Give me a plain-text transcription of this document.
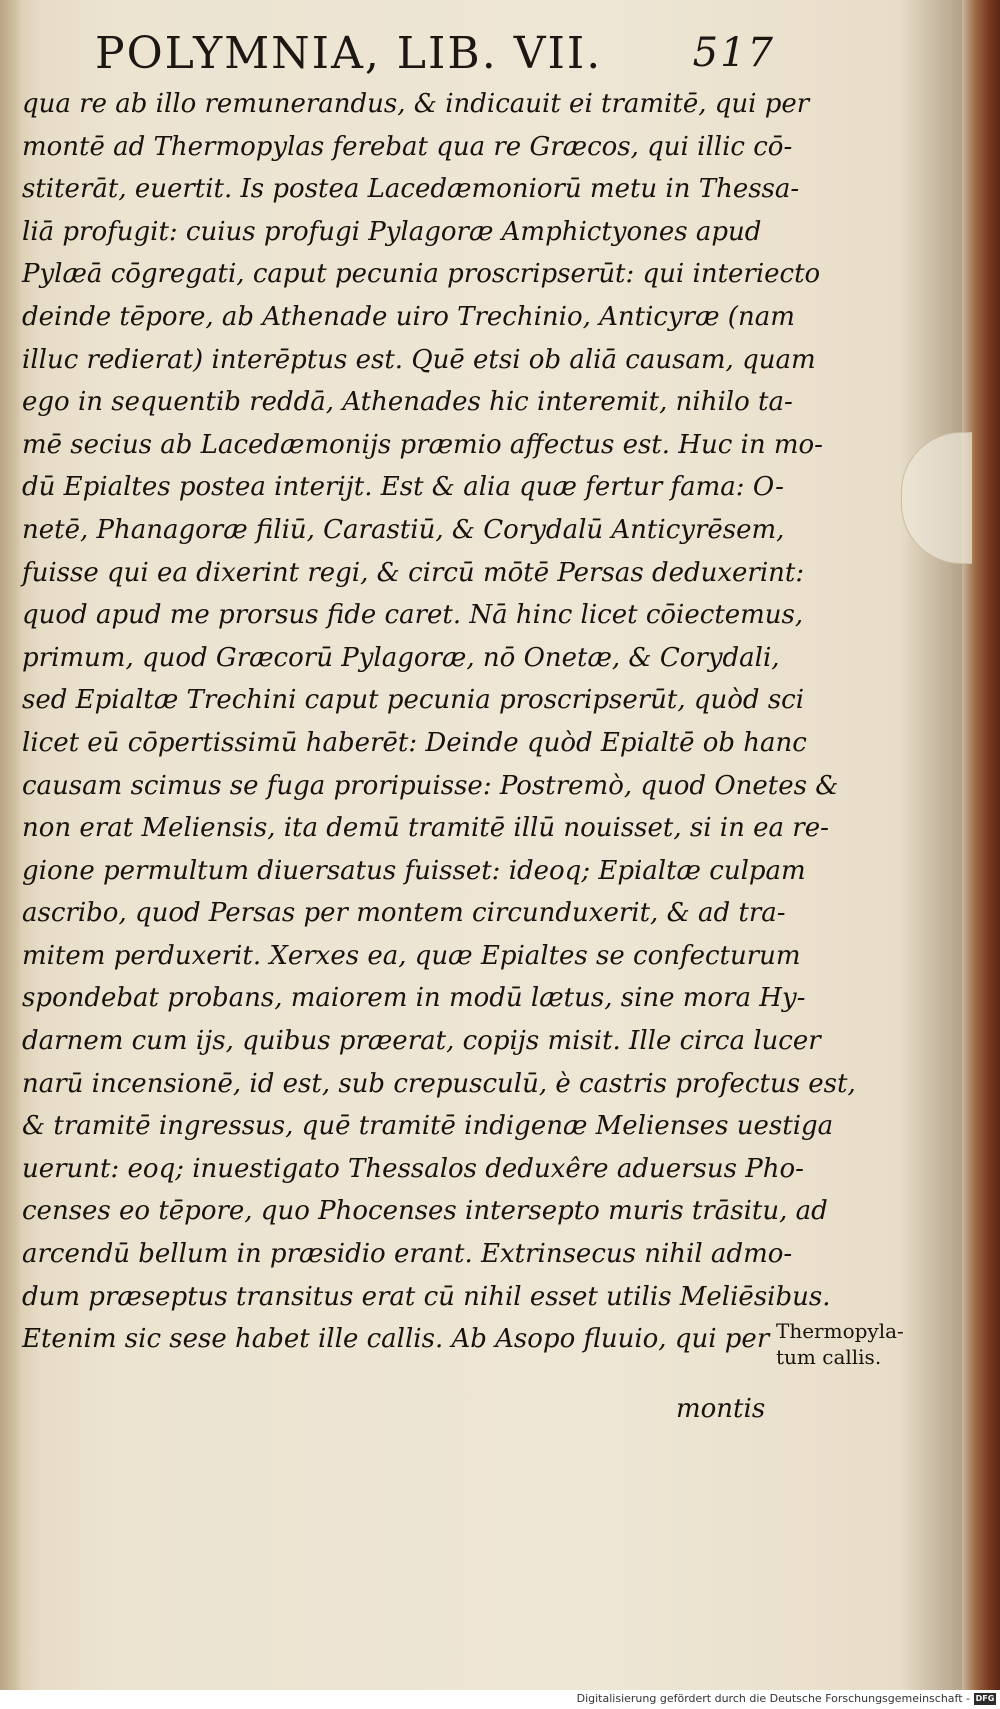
POLYMNIA, LIB. VII. 517
qua re ab illo remunerandus, & indicauit ei tramitē, qui per
montē ad Thermopylas ferebat qua re Græcos, qui illic cō-
stiterāt, euertit. Is postea Lacedæmoniorū metu in Thessa-
liā profugit: cuius profugi Pylagoræ Amphictyones apud
Pylæā cōgregati, caput pecunia proscripserūt: qui interiecto
deinde tēpore, ab Athenade uiro Trechinio, Anticyræ (nam
illuc redierat) interēptus est. Quē etsi ob aliā causam, quam
ego in sequentib reddā, Athenades hic interemit, nihilo ta-
mē secius ab Lacedæmonijs præmio affectus est. Huc in mo-
dū Epialtes postea interijt. Est & alia quæ fertur fama: O-
netē, Phanagoræ filiū, Carastiū, & Corydalū Anticyrēsem,
fuisse qui ea dixerint regi, & circū mōtē Persas deduxerint:
quod apud me prorsus fide caret. Nā hinc licet cōiectemus,
primum, quod Græcorū Pylagoræ, nō Onetæ, & Corydali,
sed Epialtæ Trechini caput pecunia proscripserūt, quòd sci
licet eū cōpertissimū haberēt: Deinde quòd Epialtē ob hanc
causam scimus se fuga proripuisse: Postremò, quod Onetes &
non erat Meliensis, ita demū tramitē illū nouisset, si in ea re-
gione permultum diuersatus fuisset: ideoq; Epialtæ culpam
ascribo, quod Persas per montem circunduxerit, & ad tra-
mitem perduxerit. Xerxes ea, quæ Epialtes se confecturum
spondebat probans, maiorem in modū lætus, sine mora Hy-
darnem cum ijs, quibus præerat, copijs misit. Ille circa lucer
narū incensionē, id est, sub crepusculū, è castris profectus est,
& tramitē ingressus, quē tramitē indigenæ Melienses uestiga
uerunt: eoq; inuestigato Thessalos deduxêre aduersus Pho-
censes eo tēpore, quo Phocenses intersepto muris trāsitu, ad
arcendū bellum in præsidio erant. Extrinsecus nihil admo-
dum præseptus transitus erat cū nihil esset utilis Meliēsibus.
Etenim sic sese habet ille callis. Ab Asopo fluuio, qui per
montis
Thermopyla-
tum callis.
Digitalisierung gefördert durch die Deutsche Forschungsgemeinschaft - DFG
